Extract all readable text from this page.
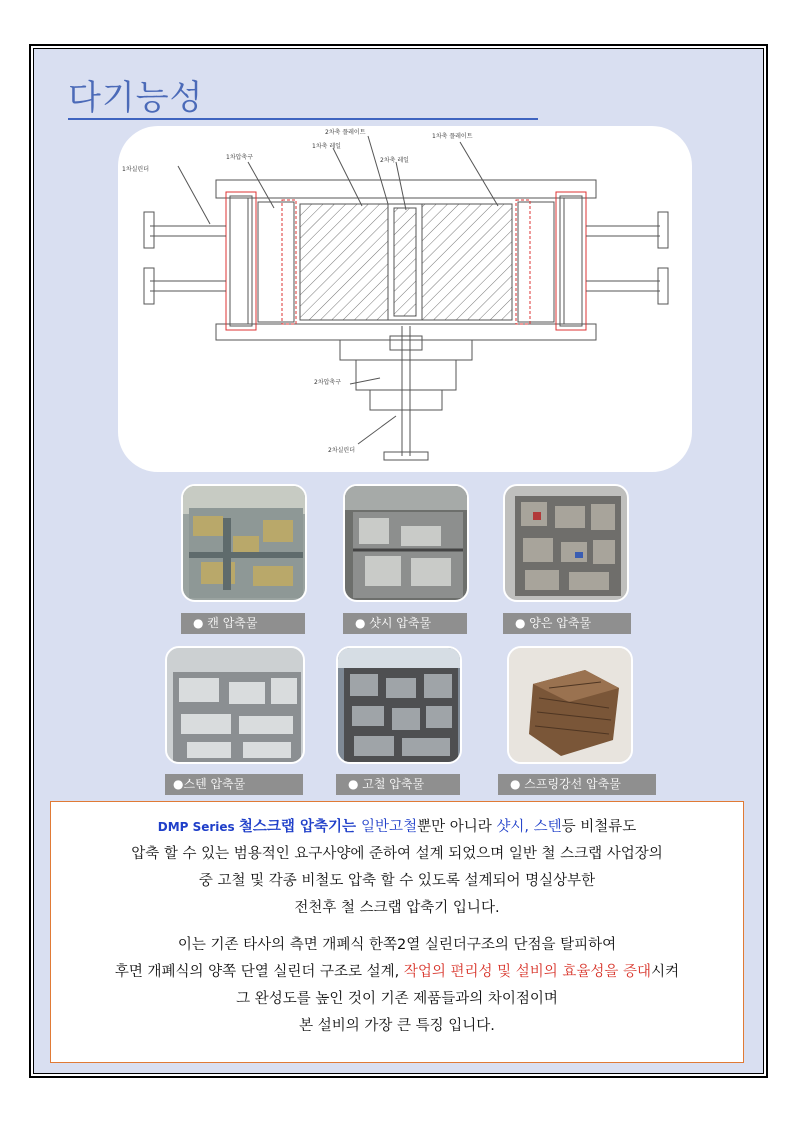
다기능성
2차축 플레이트
1차축 플레이트
1차축 레일
2차축 레일
1차압축구
1차실린더
2차압축구
2차실린더
● 캔 압축물	● 샷시 압축물	● 양은 압축물
●스텐 압축물	● 고철 압축물	● 스프링강선 압축물

DMP Series 철스크랩 압축기는 일반고철뿐만 아니라 샷시, 스텐등 비철류도

압축 할 수 있는 범용적인 요구사양에 준하여 설계 되었으며 일반 철 스크랩 사업장의

중 고철 및 각종 비철도 압축 할 수 있도록 설계되어 명실상부한

전천후 철 스크랩 압축기 입니다.

이는 기존 타사의 측면 개폐식 한쪽2열 실린더구조의 단점을 탈피하여

후면 개폐식의 양쪽 단열 실린더 구조로 설계, 작업의 편리성 및 설비의 효율성을 증대시켜

그 완성도를 높인 것이 기존 제품들과의 차이점이며

본 설비의 가장 큰 특징 입니다.
